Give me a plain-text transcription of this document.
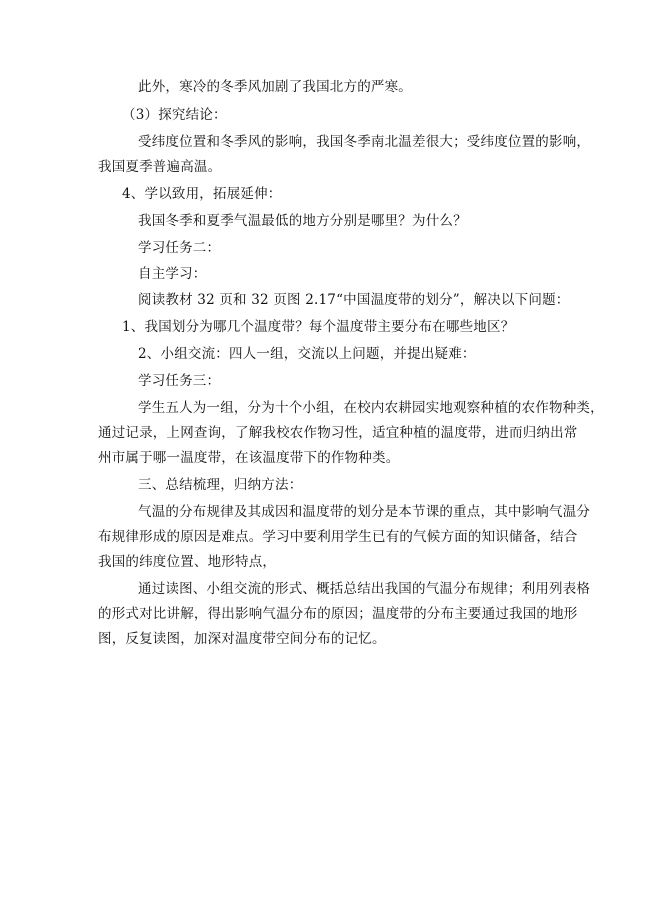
此外，寒冷的冬季风加剧了我国北方的严寒。
（3）探究结论：
受纬度位置和冬季风的影响，我国冬季南北温差很大；受纬度位置的影响，
我国夏季普遍高温。
4、学以致用，拓展延伸：
我国冬季和夏季气温最低的地方分别是哪里？为什么？
学习任务二：
自主学习：
阅读教材 32 页和 32 页图 2.17“中国温度带的划分”，解决以下问题：
1、我国划分为哪几个温度带？每个温度带主要分布在哪些地区？
2、小组交流：四人一组，交流以上问题，并提出疑难：
学习任务三：
学生五人为一组，分为十个小组，在校内农耕园实地观察种植的农作物种类，
通过记录，上网查询，了解我校农作物习性，适宜种植的温度带，进而归纳出常
州市属于哪一温度带，在该温度带下的作物种类。
三、总结梳理，归纳方法：
气温的分布规律及其成因和温度带的划分是本节课的重点，其中影响气温分
布规律形成的原因是难点。学习中要利用学生已有的气候方面的知识储备，结合
我国的纬度位置、地形特点，
通过读图、小组交流的形式、概括总结出我国的气温分布规律；利用列表格
的形式对比讲解，得出影响气温分布的原因；温度带的分布主要通过我国的地形
图，反复读图，加深对温度带空间分布的记忆。
